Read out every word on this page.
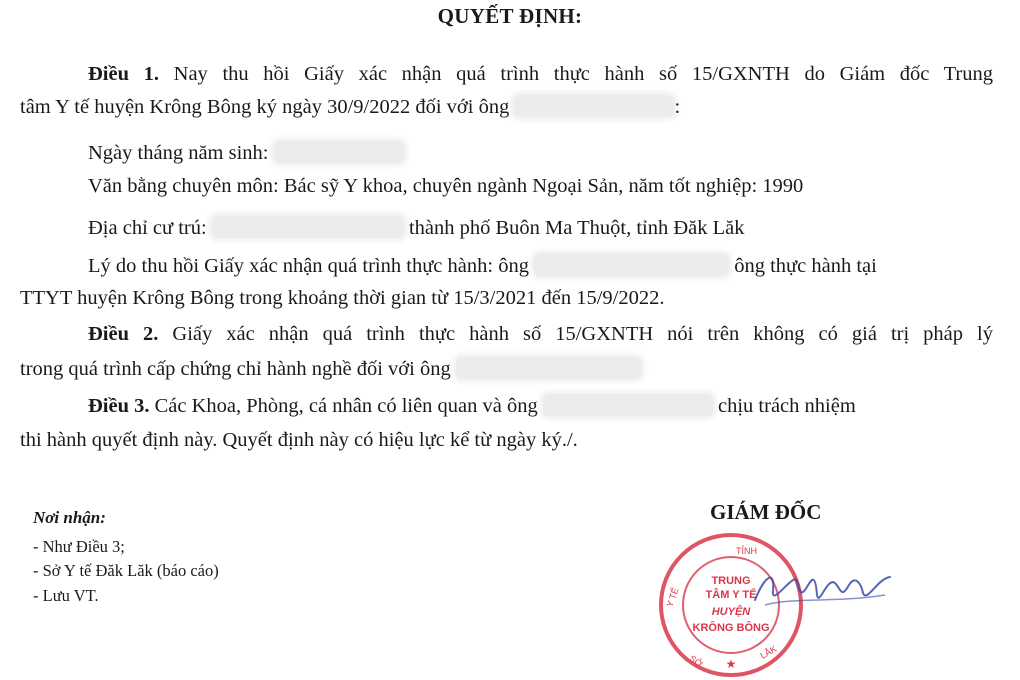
QUYẾT ĐỊNH:
Điều 1. Nay thu hồi Giấy xác nhận quá trình thực hành số 15/GXNTH do Giám đốc Trung
tâm Y tế huyện Krông Bông ký ngày 30/9/2022 đối với ông	:
Ngày tháng năm sinh:
Văn bằng chuyên môn: Bác sỹ Y khoa, chuyên ngành Ngoại Sản, năm tốt nghiệp: 1990
Địa chỉ cư trú:	thành phố Buôn Ma Thuột, tỉnh Đăk Lăk
Lý do thu hồi Giấy xác nhận quá trình thực hành: ông	ông thực hành tại
TTYT huyện Krông Bông trong khoảng thời gian từ 15/3/2021 đến 15/9/2022.
Điều 2. Giấy xác nhận quá trình thực hành số 15/GXNTH nói trên không có giá trị pháp lý
trong quá trình cấp chứng chỉ hành nghề đối với ông
Điều 3. Các Khoa, Phòng, cá nhân có liên quan và ông	chịu trách nhiệm
thi hành quyết định này. Quyết định này có hiệu lực kể từ ngày ký./.
Nơi nhận:
- Như Điều 3;
- Sở Y tế Đăk Lăk (báo cáo)
- Lưu VT.
GIÁM ĐỐC
TỈNH
Y TẾ
LẮK
SỞ
TRUNG
TÂM Y TẾ
HUYỆN
KRÔNG BÔNG
★
